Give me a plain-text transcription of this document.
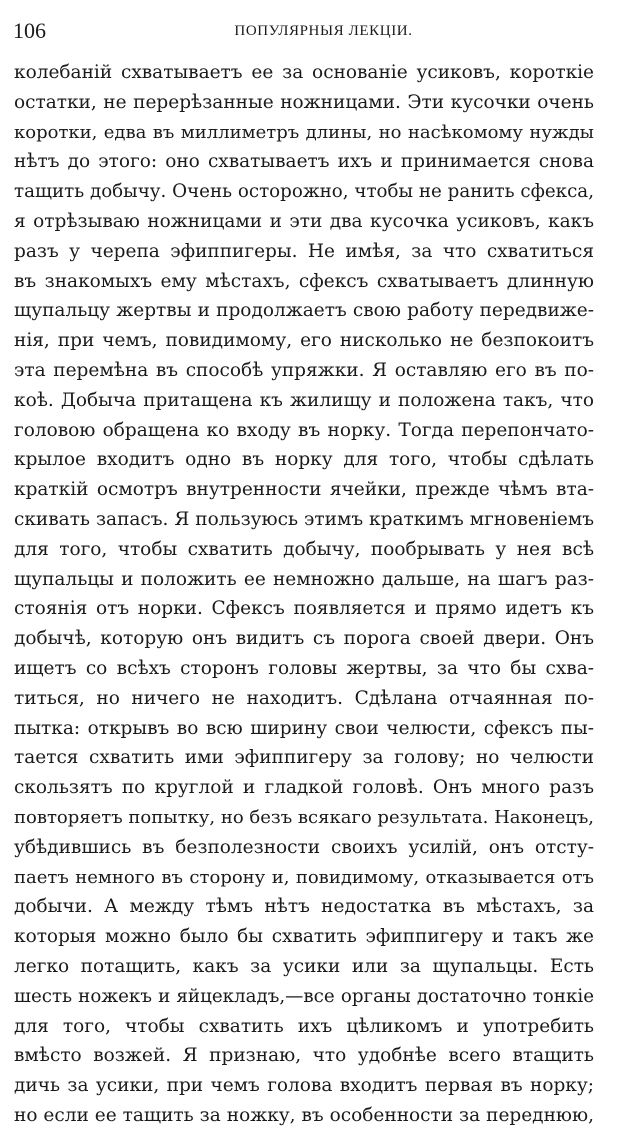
106	ПОПУЛЯРНЫЯ ЛЕКЦІИ.
колебаній схватываетъ ее за основаніе усиковъ, короткіе
остатки, не перерѣзанные ножницами. Эти кусочки очень
коротки, едва въ миллиметръ длины, но насѣкомому нужды
нѣтъ до этого: оно схватываетъ ихъ и принимается снова
тащить добычу. Очень осторожно, чтобы не ранить сфекса,
я отрѣзываю ножницами и эти два кусочка усиковъ, какъ
разъ у черепа эфиппигеры. Не имѣя, за что схватиться
въ знакомыхъ ему мѣстахъ, сфексъ схватываетъ длинную
щупальцу жертвы и продолжаетъ свою работу передвиже-
нія, при чемъ, повидимому, его нисколько не безпокоитъ
эта перемѣна въ способѣ упряжки. Я оставляю его въ по-
коѣ. Добыча притащена къ жилищу и положена такъ, что
головою обращена ко входу въ норку. Тогда перепончато-
крылое входитъ одно въ норку для того, чтобы сдѣлать
краткій осмотръ внутренности ячейки, прежде чѣмъ вта-
скивать запасъ. Я пользуюсь этимъ краткимъ мгновеніемъ
для того, чтобы схватить добычу, пообрывать у нея всѣ
щупальцы и положить ее немножно дальше, на шагъ раз-
стоянія отъ норки. Сфексъ появляется и прямо идетъ къ
добычѣ, которую онъ видитъ съ порога своей двери. Онъ
ищетъ со всѣхъ сторонъ головы жертвы, за что бы схва-
титься, но ничего не находитъ. Сдѣлана отчаянная по-
пытка: открывъ во всю ширину свои челюсти, сфексъ пы-
тается схватить ими эфиппигеру за голову; но челюсти
скользятъ по круглой и гладкой головѣ. Онъ много разъ
повторяетъ попытку, но безъ всякаго результата. Наконецъ,
убѣдившись въ безполезности своихъ усилій, онъ отсту-
паетъ немного въ сторону и, повидимому, отказывается отъ
добычи. А между тѣмъ нѣтъ недостатка въ мѣстахъ, за
которыя можно было бы схватить эфиппигеру и такъ же
легко потащить, какъ за усики или за щупальцы. Есть
шесть ножекъ и яйцекладъ,—все органы достаточно тонкіе
для того, чтобы схватить ихъ цѣликомъ и употребить
вмѣсто возжей. Я признаю, что удобнѣе всего втащить
дичь за усики, при чемъ голова входитъ первая въ норку;
но если ее тащить за ножку, въ особенности за переднюю,
